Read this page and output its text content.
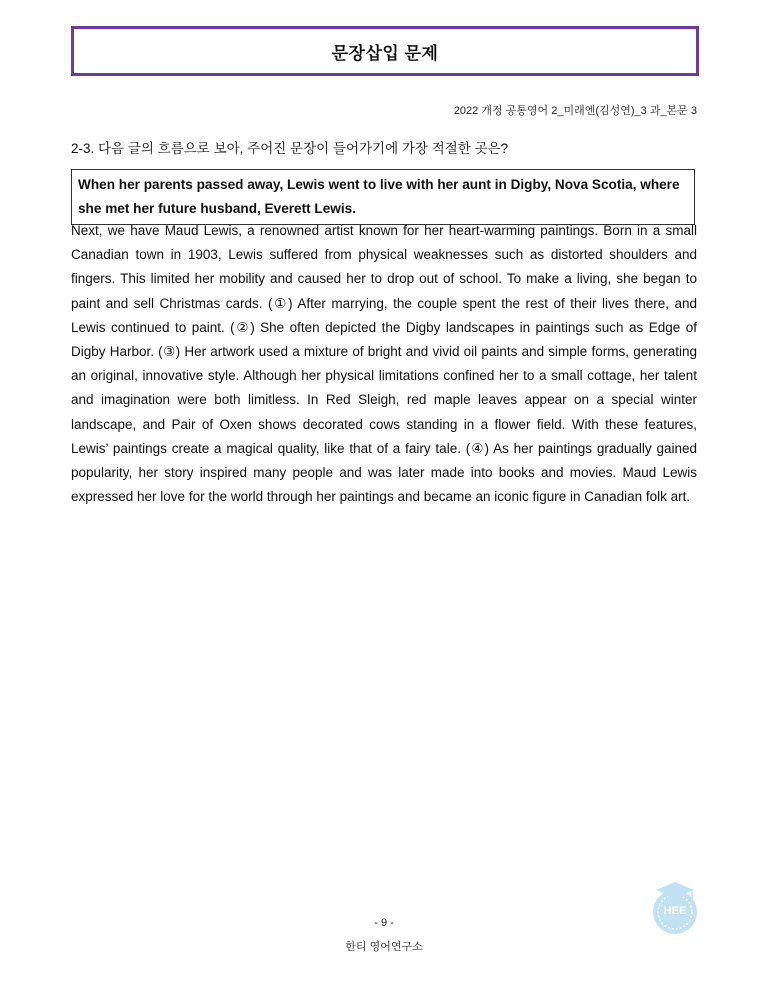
문장삽입 문제
2022 개정 공통영어 2_미래엔(김성연)_3 과_본문 3
2-3. 다음 글의 흐름으로 보아, 주어진 문장이 들어가기에 가장 적절한 곳은?
When her parents passed away, Lewis went to live with her aunt in Digby, Nova Scotia, where she met her future husband, Everett Lewis.
Next, we have Maud Lewis, a renowned artist known for her heart-warming paintings. Born in a small Canadian town in 1903, Lewis suffered from physical weaknesses such as distorted shoulders and fingers. This limited her mobility and caused her to drop out of school. To make a living, she began to paint and sell Christmas cards. (①) After marrying, the couple spent the rest of their lives there, and Lewis continued to paint. (②) She often depicted the Digby landscapes in paintings such as Edge of Digby Harbor. (③) Her artwork used a mixture of bright and vivid oil paints and simple forms, generating an original, innovative style. Although her physical limitations confined her to a small cottage, her talent and imagination were both limitless. In Red Sleigh, red maple leaves appear on a special winter landscape, and Pair of Oxen shows decorated cows standing in a flower field. With these features, Lewis’ paintings create a magical quality, like that of a fairy tale. (④) As her paintings gradually gained popularity, her story inspired many people and was later made into books and movies. Maud Lewis expressed her love for the world through her paintings and became an iconic figure in Canadian folk art.
HEE
- 9 -
한티 영어연구소
